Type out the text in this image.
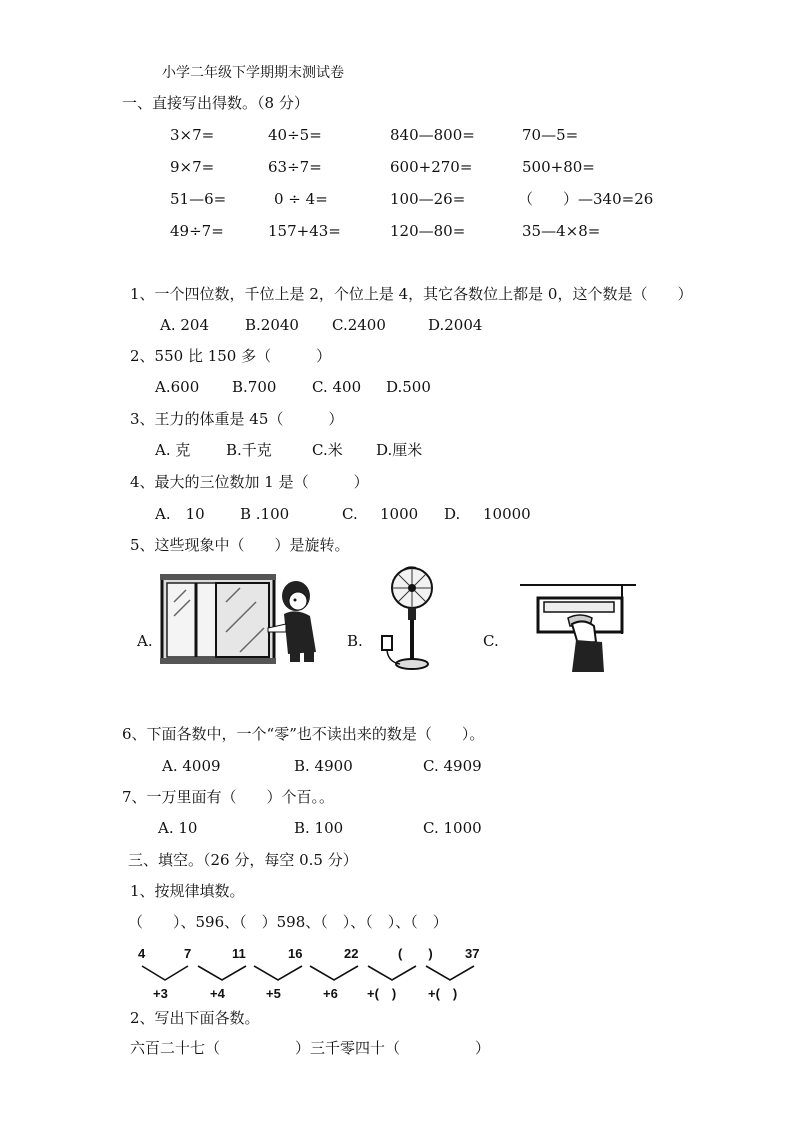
小学二年级下学期期末测试卷
一、直接写出得数。（8 分）
3×7=	40÷5=	840—800=	70—5=
9×7=	63÷7=	600+270=	500+80=
51—6=	0 ÷ 4=	100—26=	（　　）—340=26
49÷7=	157+43=	120—80=	35—4×8=
1、一个四位数，千位上是 2，个位上是 4，其它各数位上都是 0，这个数是（　　）
A. 204 B.2040 C.2400	D.2004
2、550 比 150 多（　　　）
A.600 B.700 C. 400 D.500
3、王力的体重是 45（　　　）
A. 克 B.千克	C.米 D.厘米
4、最大的三位数加 1 是（　　　）
A.　10 B .100	C. 1000 D. 10000
5、这些现象中（　　）是旋转。
A.	B.	C.
6、下面各数中，一个“零”也不读出来的数是（　　）。
A. 4009	B. 4900	C. 4909
7、一万里面有（　　）个百。。
A. 10	B. 100	C. 1000
三、填空。（26 分，每空 0.5 分）
1、按规律填数。
（　　）、596、（　）598、（　）、（　）、（　）
4	7	11	16	22	(　　) 37
+3	+4	+5	+6 +(　) +(　)
2、写出下面各数。
六百二十七（　　　　　）三千零四十（　　　　　）
